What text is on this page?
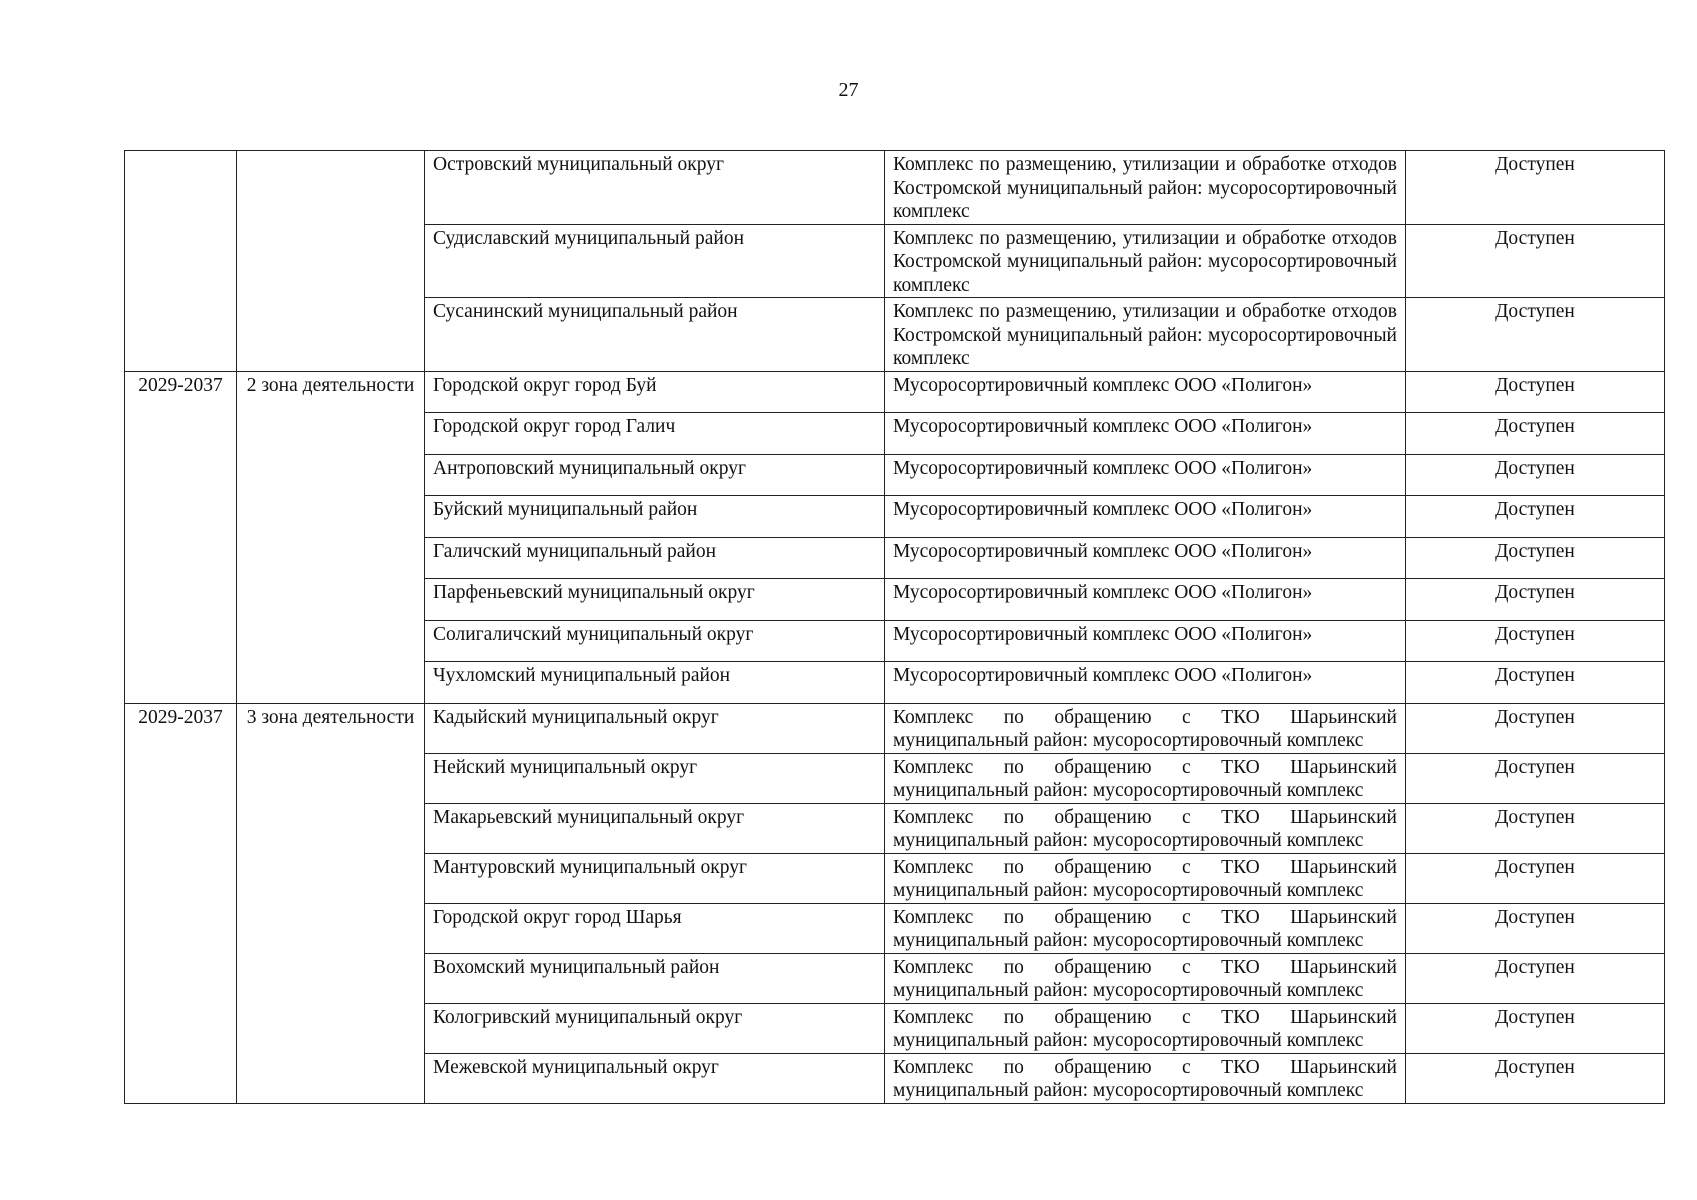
27
		Островский муниципальный округ	Комплекс по размещению, утилизации и обработке отходов Костромской муниципальный район: мусоросортировочный комплекс	Доступен
		Судиславский муниципальный район	Комплекс по размещению, утилизации и обработке отходов Костромской муниципальный район: мусоросортировочный комплекс	Доступен
		Сусанинский муниципальный район	Комплекс по размещению, утилизации и обработке отходов Костромской муниципальный район: мусоросортировочный комплекс	Доступен
2029-2037	2 зона деятельности	Городской округ город Буй	Мусоросортировичный комплекс ООО «Полигон»	Доступен
		Городской округ город Галич	Мусоросортировичный комплекс ООО «Полигон»	Доступен
		Антроповский муниципальный округ	Мусоросортировичный комплекс ООО «Полигон»	Доступен
		Буйский муниципальный район	Мусоросортировичный комплекс ООО «Полигон»	Доступен
		Галичский муниципальный район	Мусоросортировичный комплекс ООО «Полигон»	Доступен
		Парфеньевский муниципальный округ	Мусоросортировичный комплекс ООО «Полигон»	Доступен
		Солигаличский муниципальный округ	Мусоросортировичный комплекс ООО «Полигон»	Доступен
		Чухломский муниципальный район	Мусоросортировичный комплекс ООО «Полигон»	Доступен
2029-2037	3 зона деятельности	Кадыйский муниципальный округ	Комплекс по обращению с ТКО Шарьинский муниципальный район: мусоросортировочный комплекс	Доступен
		Нейский муниципальный округ	Комплекс по обращению с ТКО Шарьинский муниципальный район: мусоросортировочный комплекс	Доступен
		Макарьевский муниципальный округ	Комплекс по обращению с ТКО Шарьинский муниципальный район: мусоросортировочный комплекс	Доступен
		Мантуровский муниципальный округ	Комплекс по обращению с ТКО Шарьинский муниципальный район: мусоросортировочный комплекс	Доступен
		Городской округ город Шарья	Комплекс по обращению с ТКО Шарьинский муниципальный район: мусоросортировочный комплекс	Доступен
		Вохомский муниципальный район	Комплекс по обращению с ТКО Шарьинский муниципальный район: мусоросортировочный комплекс	Доступен
		Кологривский муниципальный округ	Комплекс по обращению с ТКО Шарьинский муниципальный район: мусоросортировочный комплекс	Доступен
		Межевской муниципальный округ	Комплекс по обращению с ТКО Шарьинский муниципальный район: мусоросортировочный комплекс	Доступен
